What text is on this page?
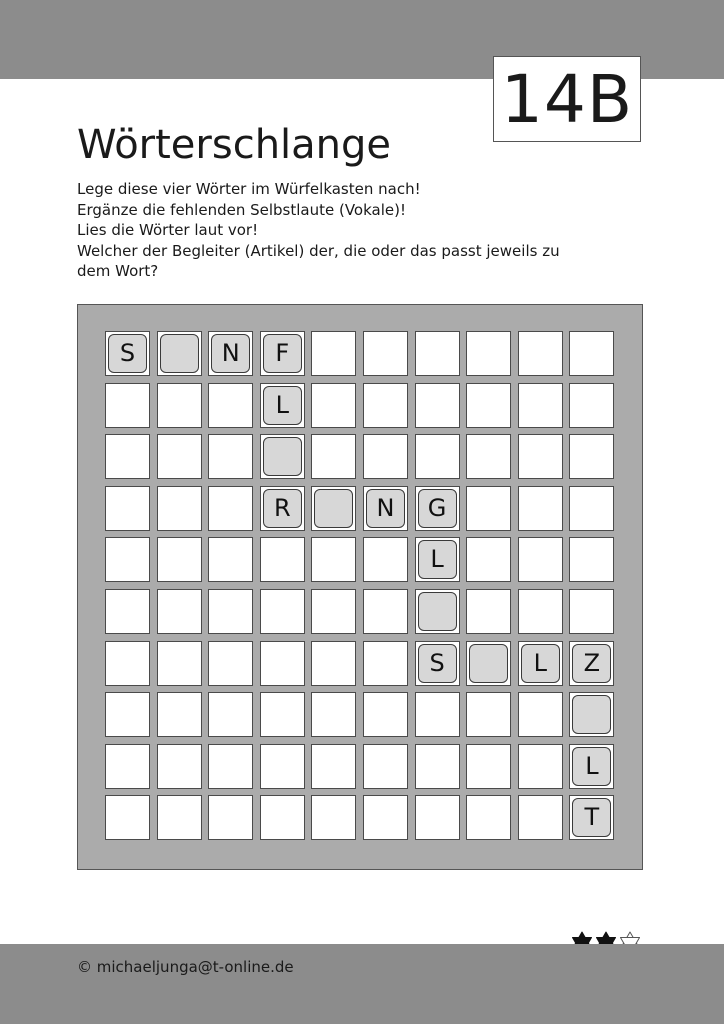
14B
Wörterschlange
Lege diese vier Wörter im Würfelkasten nach!
Ergänze die fehlenden Selbstlaute (Vokale)!
Lies die Wörter laut vor!
Welcher der Begleiter (Artikel) der, die oder das passt jeweils zu
dem Wort?
S	N	F
L
R	N	G
L
S	L	Z
L
T
© michaeljunga@t-online.de
